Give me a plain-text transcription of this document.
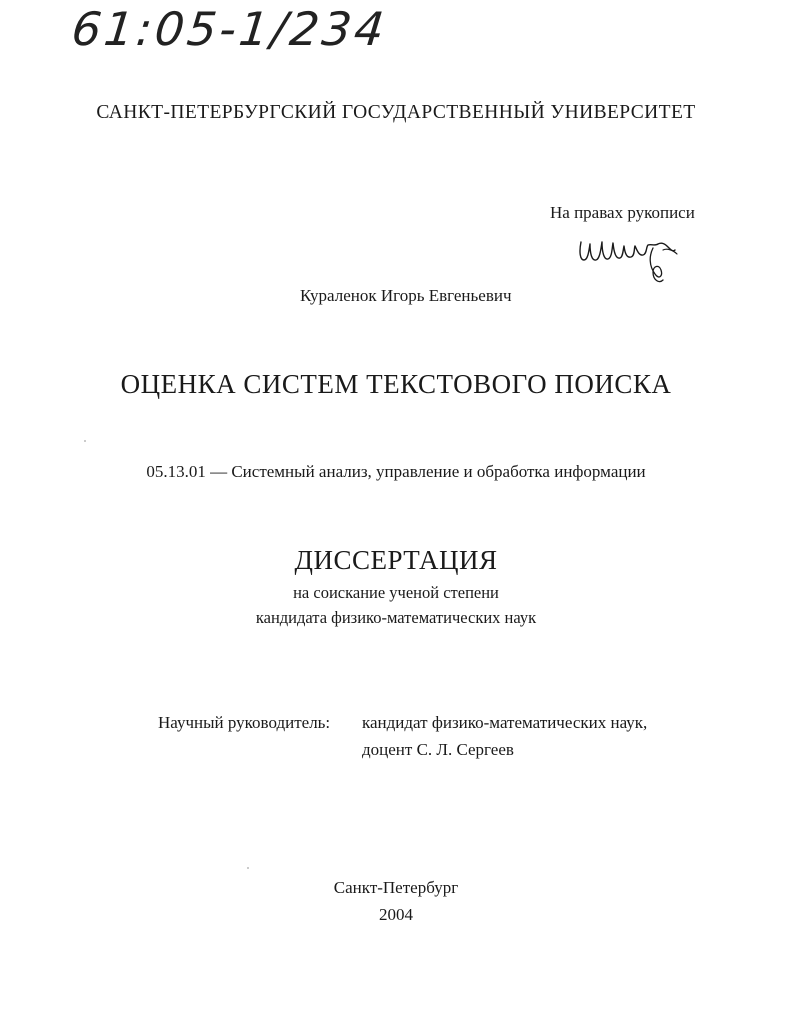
61:05-1/234
САНКТ-ПЕТЕРБУРГСКИЙ ГОСУДАРСТВЕННЫЙ УНИВЕРСИТЕТ
На правах рукописи
Кураленок Игорь Евгеньевич
ОЦЕНКА СИСТЕМ ТЕКСТОВОГО ПОИСКА
05.13.01 — Системный анализ, управление и обработка информации
ДИССЕРТАЦИЯ
на соискание ученой степени
кандидата физико-математических наук
Научный руководитель: кандидат физико-математических наук,
доцент С. Л. Сергеев
Санкт-Петербург
2004
